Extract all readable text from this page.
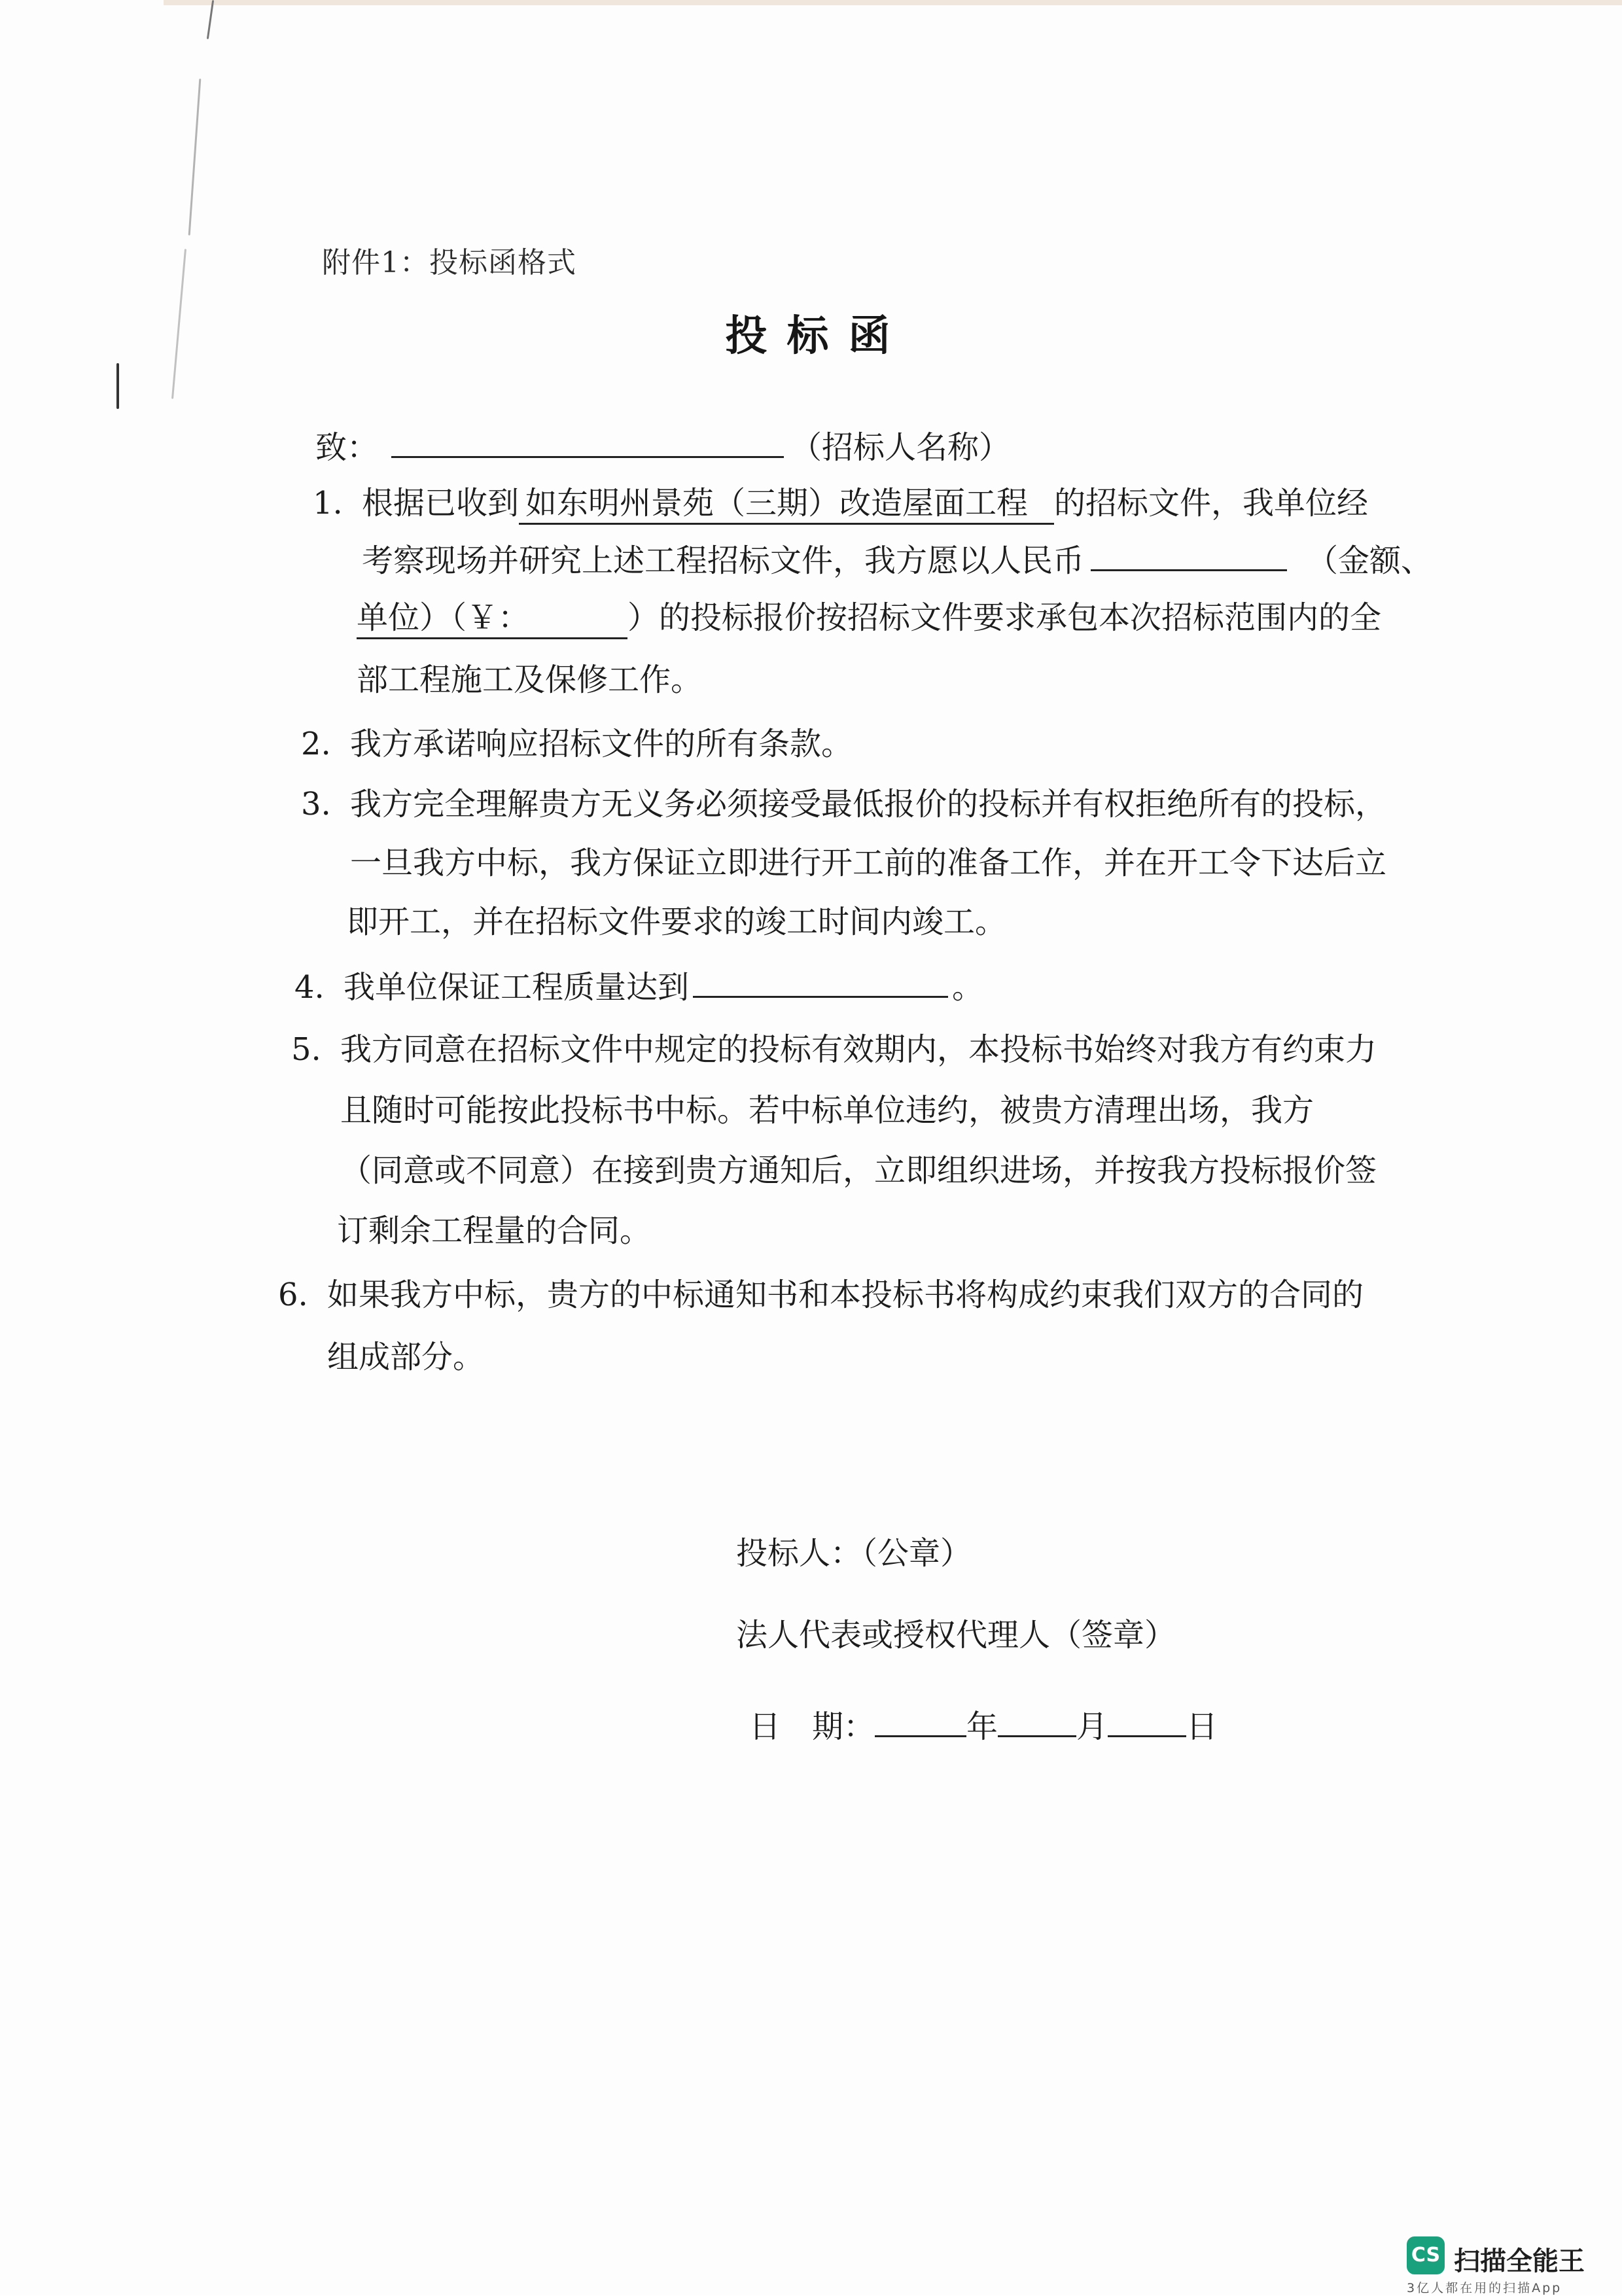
附件1：投标函格式
投标函
致：	（招标人名称）
1. 根据已收到 如东明州景苑（三期）改造屋面工程 的招标文件，我单位经
考察现场并研究上述工程招标文件，我方愿以人民币	（金额、
单位）（￥：	）的投标报价按招标文件要求承包本次招标范围内的全
部工程施工及保修工作。
2. 我方承诺响应招标文件的所有条款。
3. 我方完全理解贵方无义务必须接受最低报价的投标并有权拒绝所有的投标，
一旦我方中标，我方保证立即进行开工前的准备工作，并在开工令下达后立
即开工，并在招标文件要求的竣工时间内竣工。
4. 我单位保证工程质量达到	。
5. 我方同意在招标文件中规定的投标有效期内，本投标书始终对我方有约束力
且随时可能按此投标书中标。若中标单位违约，被贵方清理出场，我方
（同意或不同意）在接到贵方通知后，立即组织进场，并按我方投标报价签
订剩余工程量的合同。
6. 如果我方中标，贵方的中标通知书和本投标书将构成约束我们双方的合同的
组成部分。
投标人：（公章）
法人代表或授权代理人（签章）
日　期：	年	月	日
CS 扫描全能王
3亿人都在用的扫描App
